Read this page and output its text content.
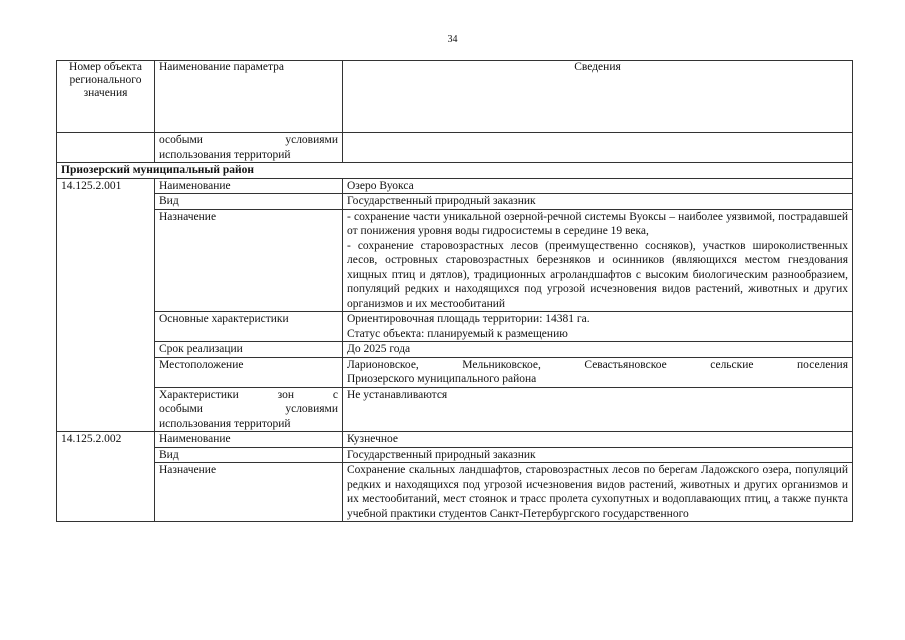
34
Номер объекта регионального значения	Наименование параметра	Сведения

	особыми условиями
использования территорий	

Приозерский муниципальный район		
14.125.2.001	Наименование	Озеро Вуокса
	Вид	Государственный природный заказник
	Назначение	- сохранение части уникальной озерной-речной системы Вуоксы – наиболее уязвимой, пострадавшей от понижения уровня воды гидросистемы в середине 19 века,
- сохранение старовозрастных лесов (преимущественно сосняков), участков широколиственных лесов, островных старовозрастных березняков и осинников (являющихся местом гнездования хищных птиц и дятлов), традиционных агроландшафтов с высоким биологическим разнообразием, популяций редких и находящихся под угрозой исчезновения видов растений, животных и других организмов и их местообитаний

	Основные характеристики	Ориентировочная площадь территории: 14381 га.
Статус объекта: планируемый к размещению

	Срок реализации	До 2025 года
	Местоположение	Ларионовское, Мельниковское, Севастьяновское сельские поселения
Приозерского муниципального района

	Характеристики зон с
особыми условиями
использования территорий	Не устанавливаются
14.125.2.002	Наименование	Кузнечное
	Вид	Государственный природный заказник
	Назначение	Сохранение скальных ландшафтов, старовозрастных лесов по берегам Ладожского озера, популяций редких и находящихся под угрозой исчезновения видов растений, животных и других организмов и их местообитаний, мест стоянок и трасс пролета сухопутных и водоплавающих птиц, а также пункта учебной практики студентов Санкт-Петербургского государственного
